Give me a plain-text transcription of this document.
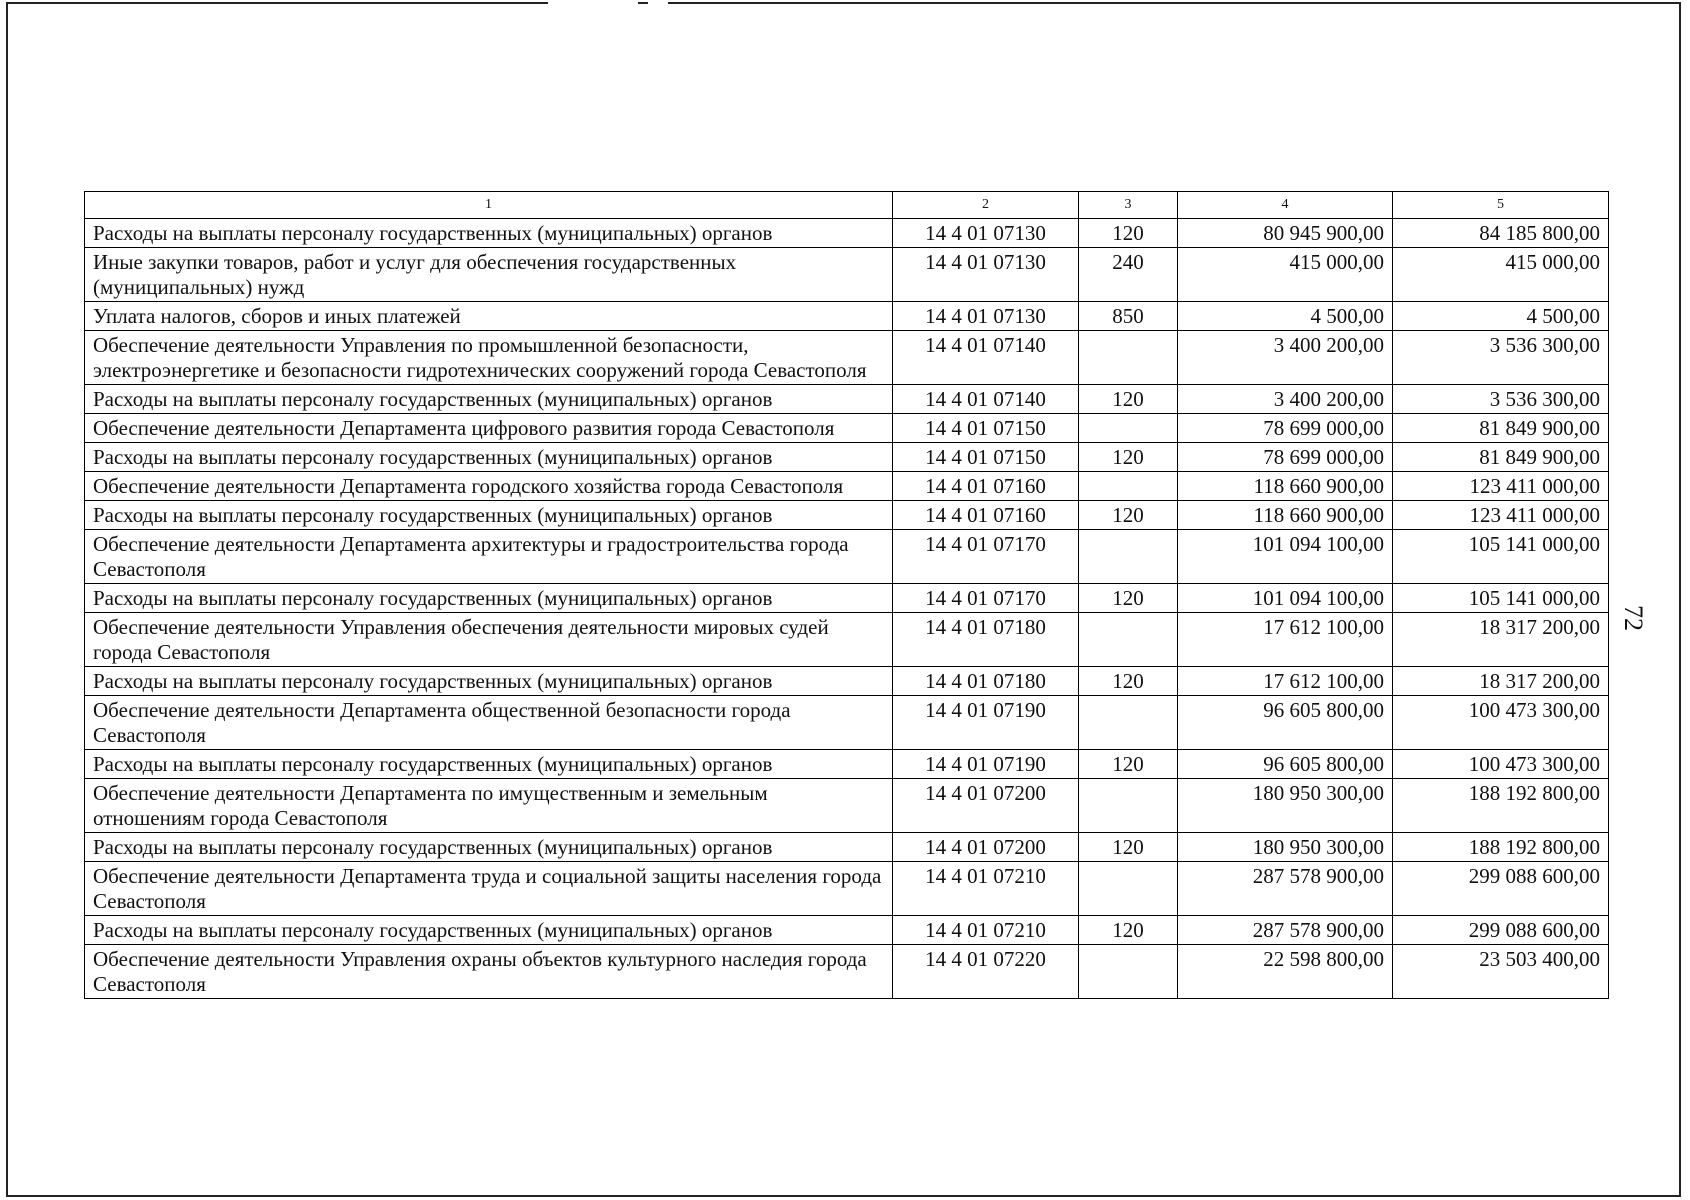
1	2	3	4	5
Расходы на выплаты персоналу государственных (муниципальных) органов	14 4 01 07130	120	80 945 900,00	84 185 800,00
Иные закупки товаров, работ и услуг для обеспечения государственных (муниципальных) нужд	14 4 01 07130	240	415 000,00	415 000,00
Уплата налогов, сборов и иных платежей	14 4 01 07130	850	4 500,00	4 500,00
Обеспечение деятельности Управления по промышленной безопасности, электроэнергетике и безопасности гидротехнических сооружений города Севастополя	14 4 01 07140		3 400 200,00	3 536 300,00
Расходы на выплаты персоналу государственных (муниципальных) органов	14 4 01 07140	120	3 400 200,00	3 536 300,00
Обеспечение деятельности Департамента цифрового развития города Севастополя	14 4 01 07150		78 699 000,00	81 849 900,00
Расходы на выплаты персоналу государственных (муниципальных) органов	14 4 01 07150	120	78 699 000,00	81 849 900,00
Обеспечение деятельности Департамента городского хозяйства города Севастополя	14 4 01 07160		118 660 900,00	123 411 000,00
Расходы на выплаты персоналу государственных (муниципальных) органов	14 4 01 07160	120	118 660 900,00	123 411 000,00
Обеспечение деятельности Департамента архитектуры и градостроительства города Севастополя	14 4 01 07170		101 094 100,00	105 141 000,00
Расходы на выплаты персоналу государственных (муниципальных) органов	14 4 01 07170	120	101 094 100,00	105 141 000,00
Обеспечение деятельности Управления обеспечения деятельности мировых судей города Севастополя	14 4 01 07180		17 612 100,00	18 317 200,00
Расходы на выплаты персоналу государственных (муниципальных) органов	14 4 01 07180	120	17 612 100,00	18 317 200,00
Обеспечение деятельности Департамента общественной безопасности города Севастополя	14 4 01 07190		96 605 800,00	100 473 300,00
Расходы на выплаты персоналу государственных (муниципальных) органов	14 4 01 07190	120	96 605 800,00	100 473 300,00
Обеспечение деятельности Департамента по имущественным и земельным отношениям города Севастополя	14 4 01 07200		180 950 300,00	188 192 800,00
Расходы на выплаты персоналу государственных (муниципальных) органов	14 4 01 07200	120	180 950 300,00	188 192 800,00
Обеспечение деятельности Департамента труда и социальной защиты населения города Севастополя	14 4 01 07210		287 578 900,00	299 088 600,00
Расходы на выплаты персоналу государственных (муниципальных) органов	14 4 01 07210	120	287 578 900,00	299 088 600,00
Обеспечение деятельности Управления охраны объектов культурного наследия города Севастополя	14 4 01 07220		22 598 800,00	23 503 400,00
72
